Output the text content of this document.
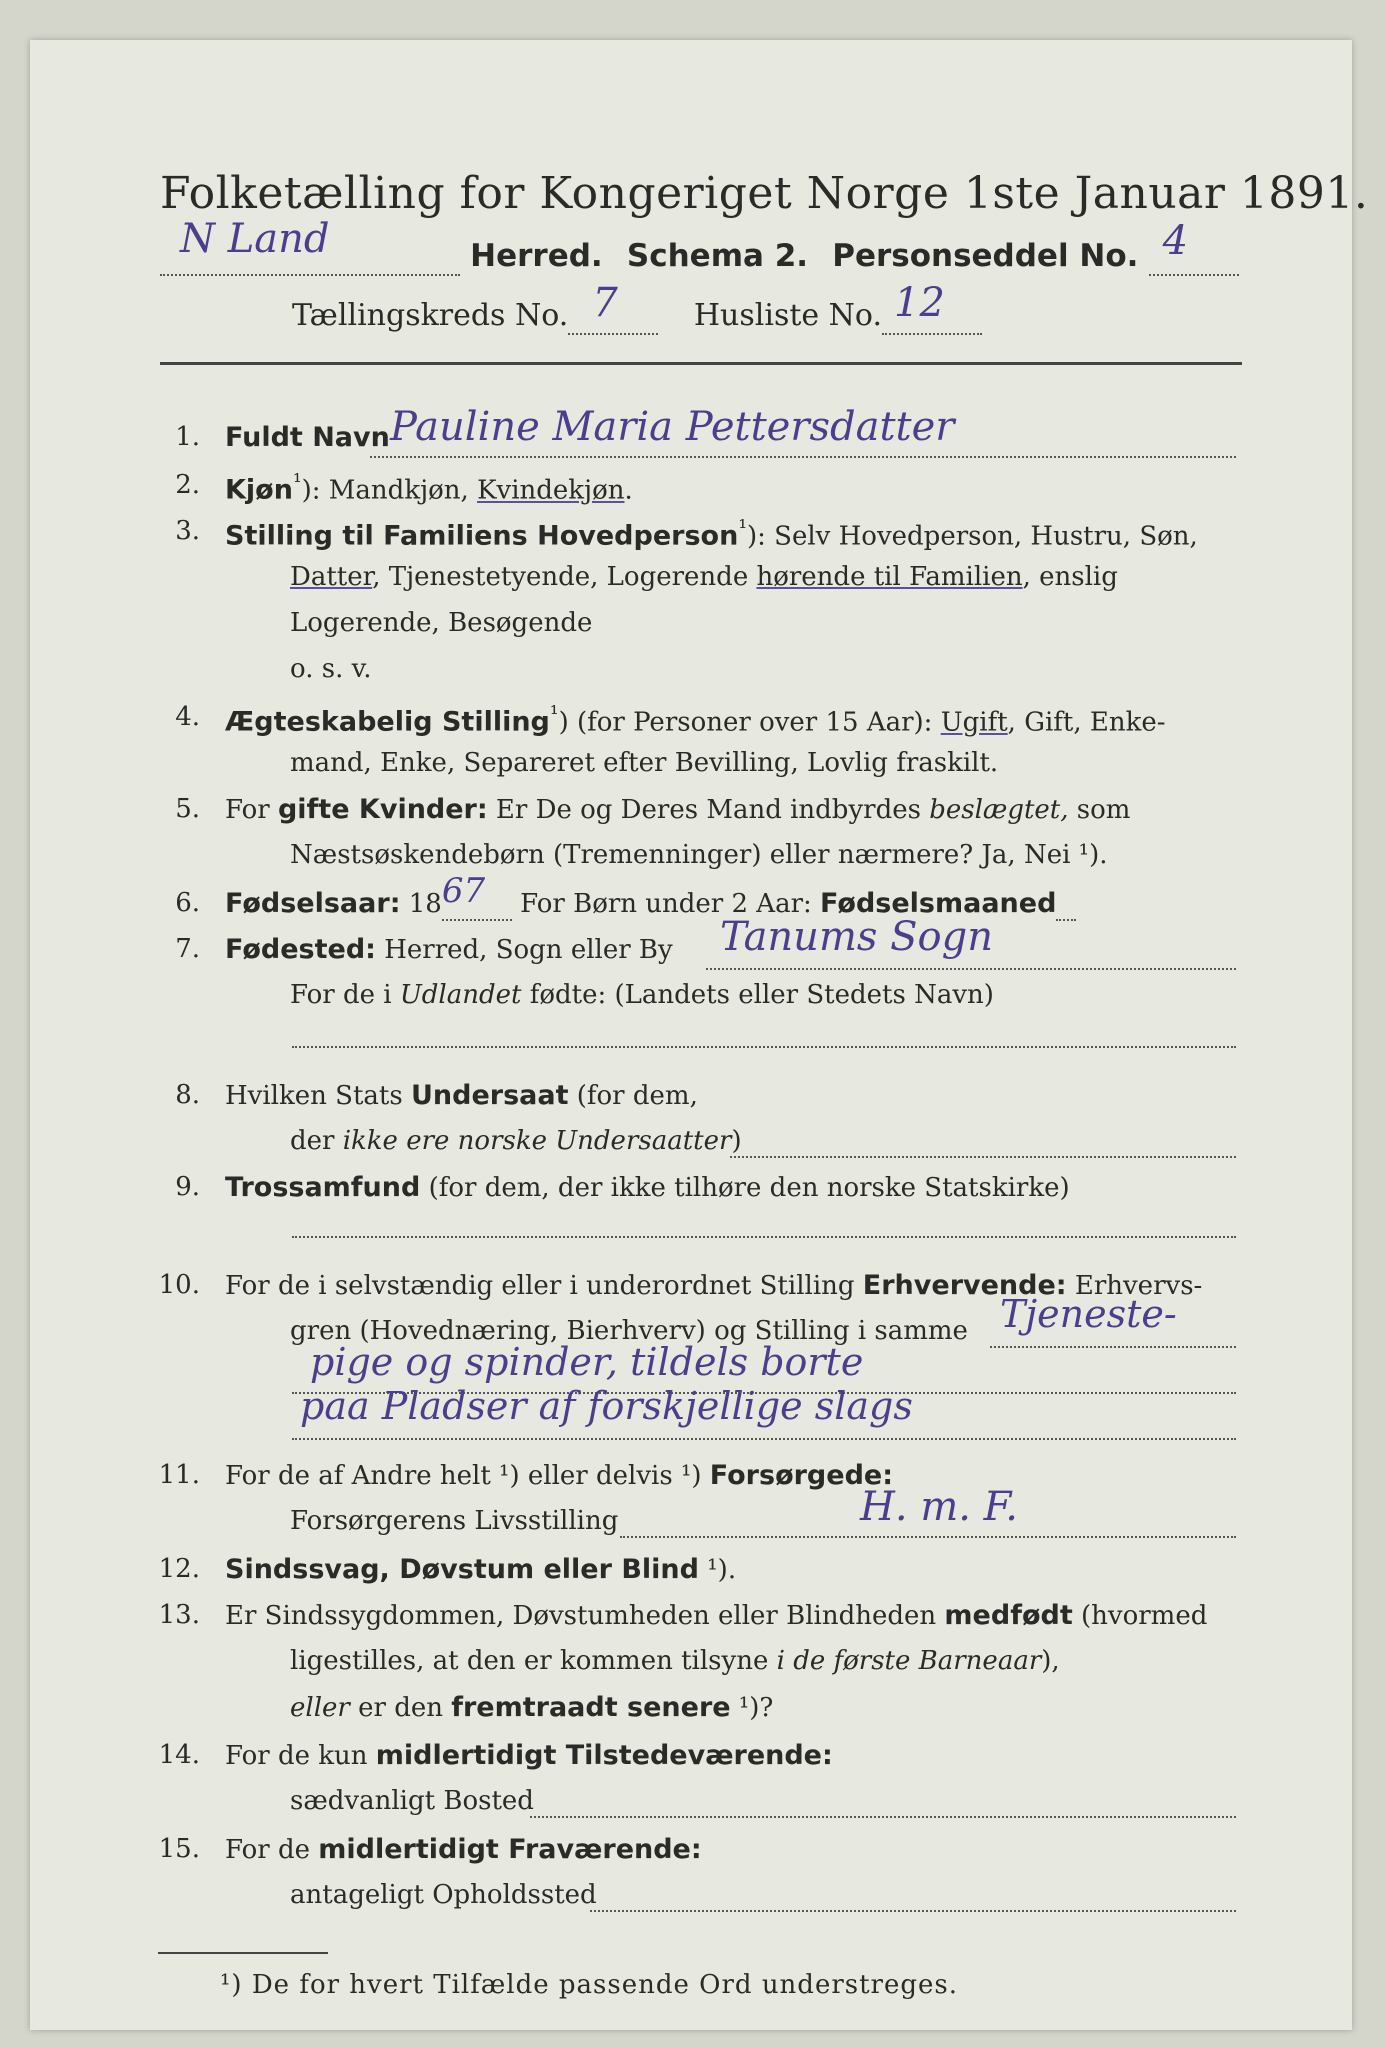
Folketælling for Kongeriget Norge 1ste Januar 1891.
N Land	Herred. Schema 2. Personseddel No. 4

Tællingskreds No. 7	Husliste No. 12

1. Fuldt Navn Pauline Maria Pettersdatter
2. Kjøn$^{^1}$): Mandkjøn, Kvindekjøn.
3. Stilling til Familiens Hovedperson$^{^1}$): Selv Hovedperson, Hustru, Søn,
Datter, Tjenestetyende, Logerende hørende til Familien, enslig
Logerende, Besøgende
o. s. v.
4. Ægteskabelig Stilling$^{^1}$) (for Personer over 15 Aar): Ugift, Gift, Enke-
mand, Enke, Separeret efter Bevilling, Lovlig fraskilt.
5. For gifte Kvinder: Er De og Deres Mand indbyrdes beslægtet, som
Næstsøskendebørn (Tremenninger) eller nærmere? Ja, Nei ¹).
6. Fødselsaar: 18 67 For Børn under 2 Aar: Fødselsmaaned
7. Fødested: Herred, Sogn eller By Tanums Sogn
For de i Udlandet fødte: (Landets eller Stedets Navn)
8. Hvilken Stats Undersaat (for dem,
der ikke ere norske Undersaatter)
9. Trossamfund (for dem, der ikke tilhøre den norske Statskirke)
10. For de i selvstændig eller i underordnet Stilling Erhvervende: Erhvervs-
gren (Hovednæring, Bierhverv) og Stilling i samme Tjeneste-
pige og spinder, tildels borte
paa Pladser af forskjellige slags
11. For de af Andre helt ¹) eller delvis ¹) Forsørgede:
Forsørgerens Livsstilling	H. m. F.
12. Sindssvag, Døvstum eller Blind ¹).
13. Er Sindssygdommen, Døvstumheden eller Blindheden medfødt (hvormed
ligestilles, at den er kommen tilsyne i de første Barneaar),
eller er den fremtraadt senere ¹)?
14. For de kun midlertidigt Tilstedeværende:
sædvanligt Bosted
15. For de midlertidigt Fraværende:
antageligt Opholdssted
¹) De for hvert Tilfælde passende Ord understreges.
